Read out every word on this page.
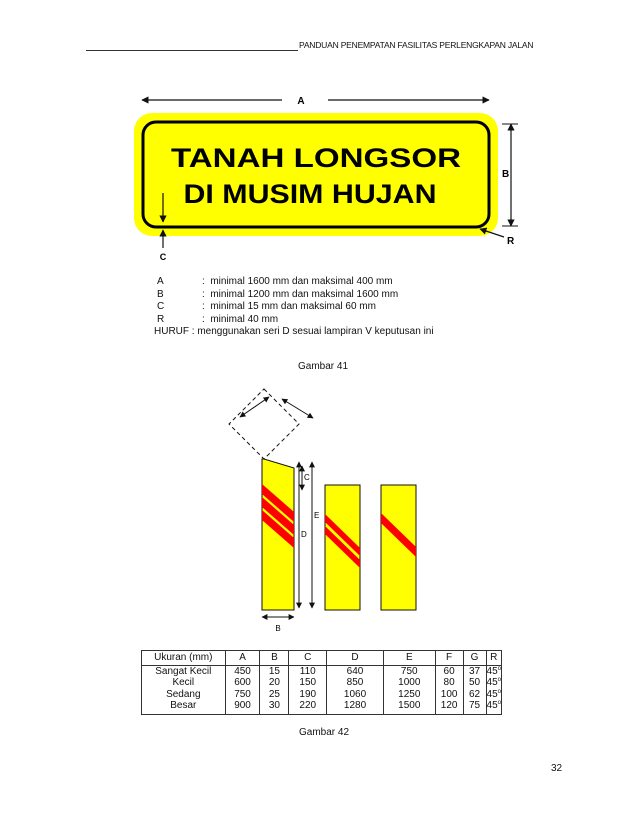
PANDUAN PENEMPATAN FASILITAS PERLENGKAPAN JALAN
A
TANAH LONGSOR
DI MUSIM HUJAN
B
R
C
D
C
E
B
A	: minimal 1600 mm dan maksimal 400 mm
B	: minimal 1200 mm dan maksimal 1600 mm
C	: minimal 15 mm dan maksimal 60 mm
R	: minimal 40 mm
HURUF : menggunakan seri D sesuai lampiran V keputusan ini
Gambar 41
Ukuran (mm)	A	B	C	D	E	F	G	R
Sangat Kecil	450	15	110	640	750	60	37	45$^o$
Kecil	600	20	150	850	1000	80	50	45$^o$
Sedang	750	25	190	1060	1250	100	62	45$^o$
Besar	900	30	220	1280	1500	120	75	45$^o$
Gambar 42
32
